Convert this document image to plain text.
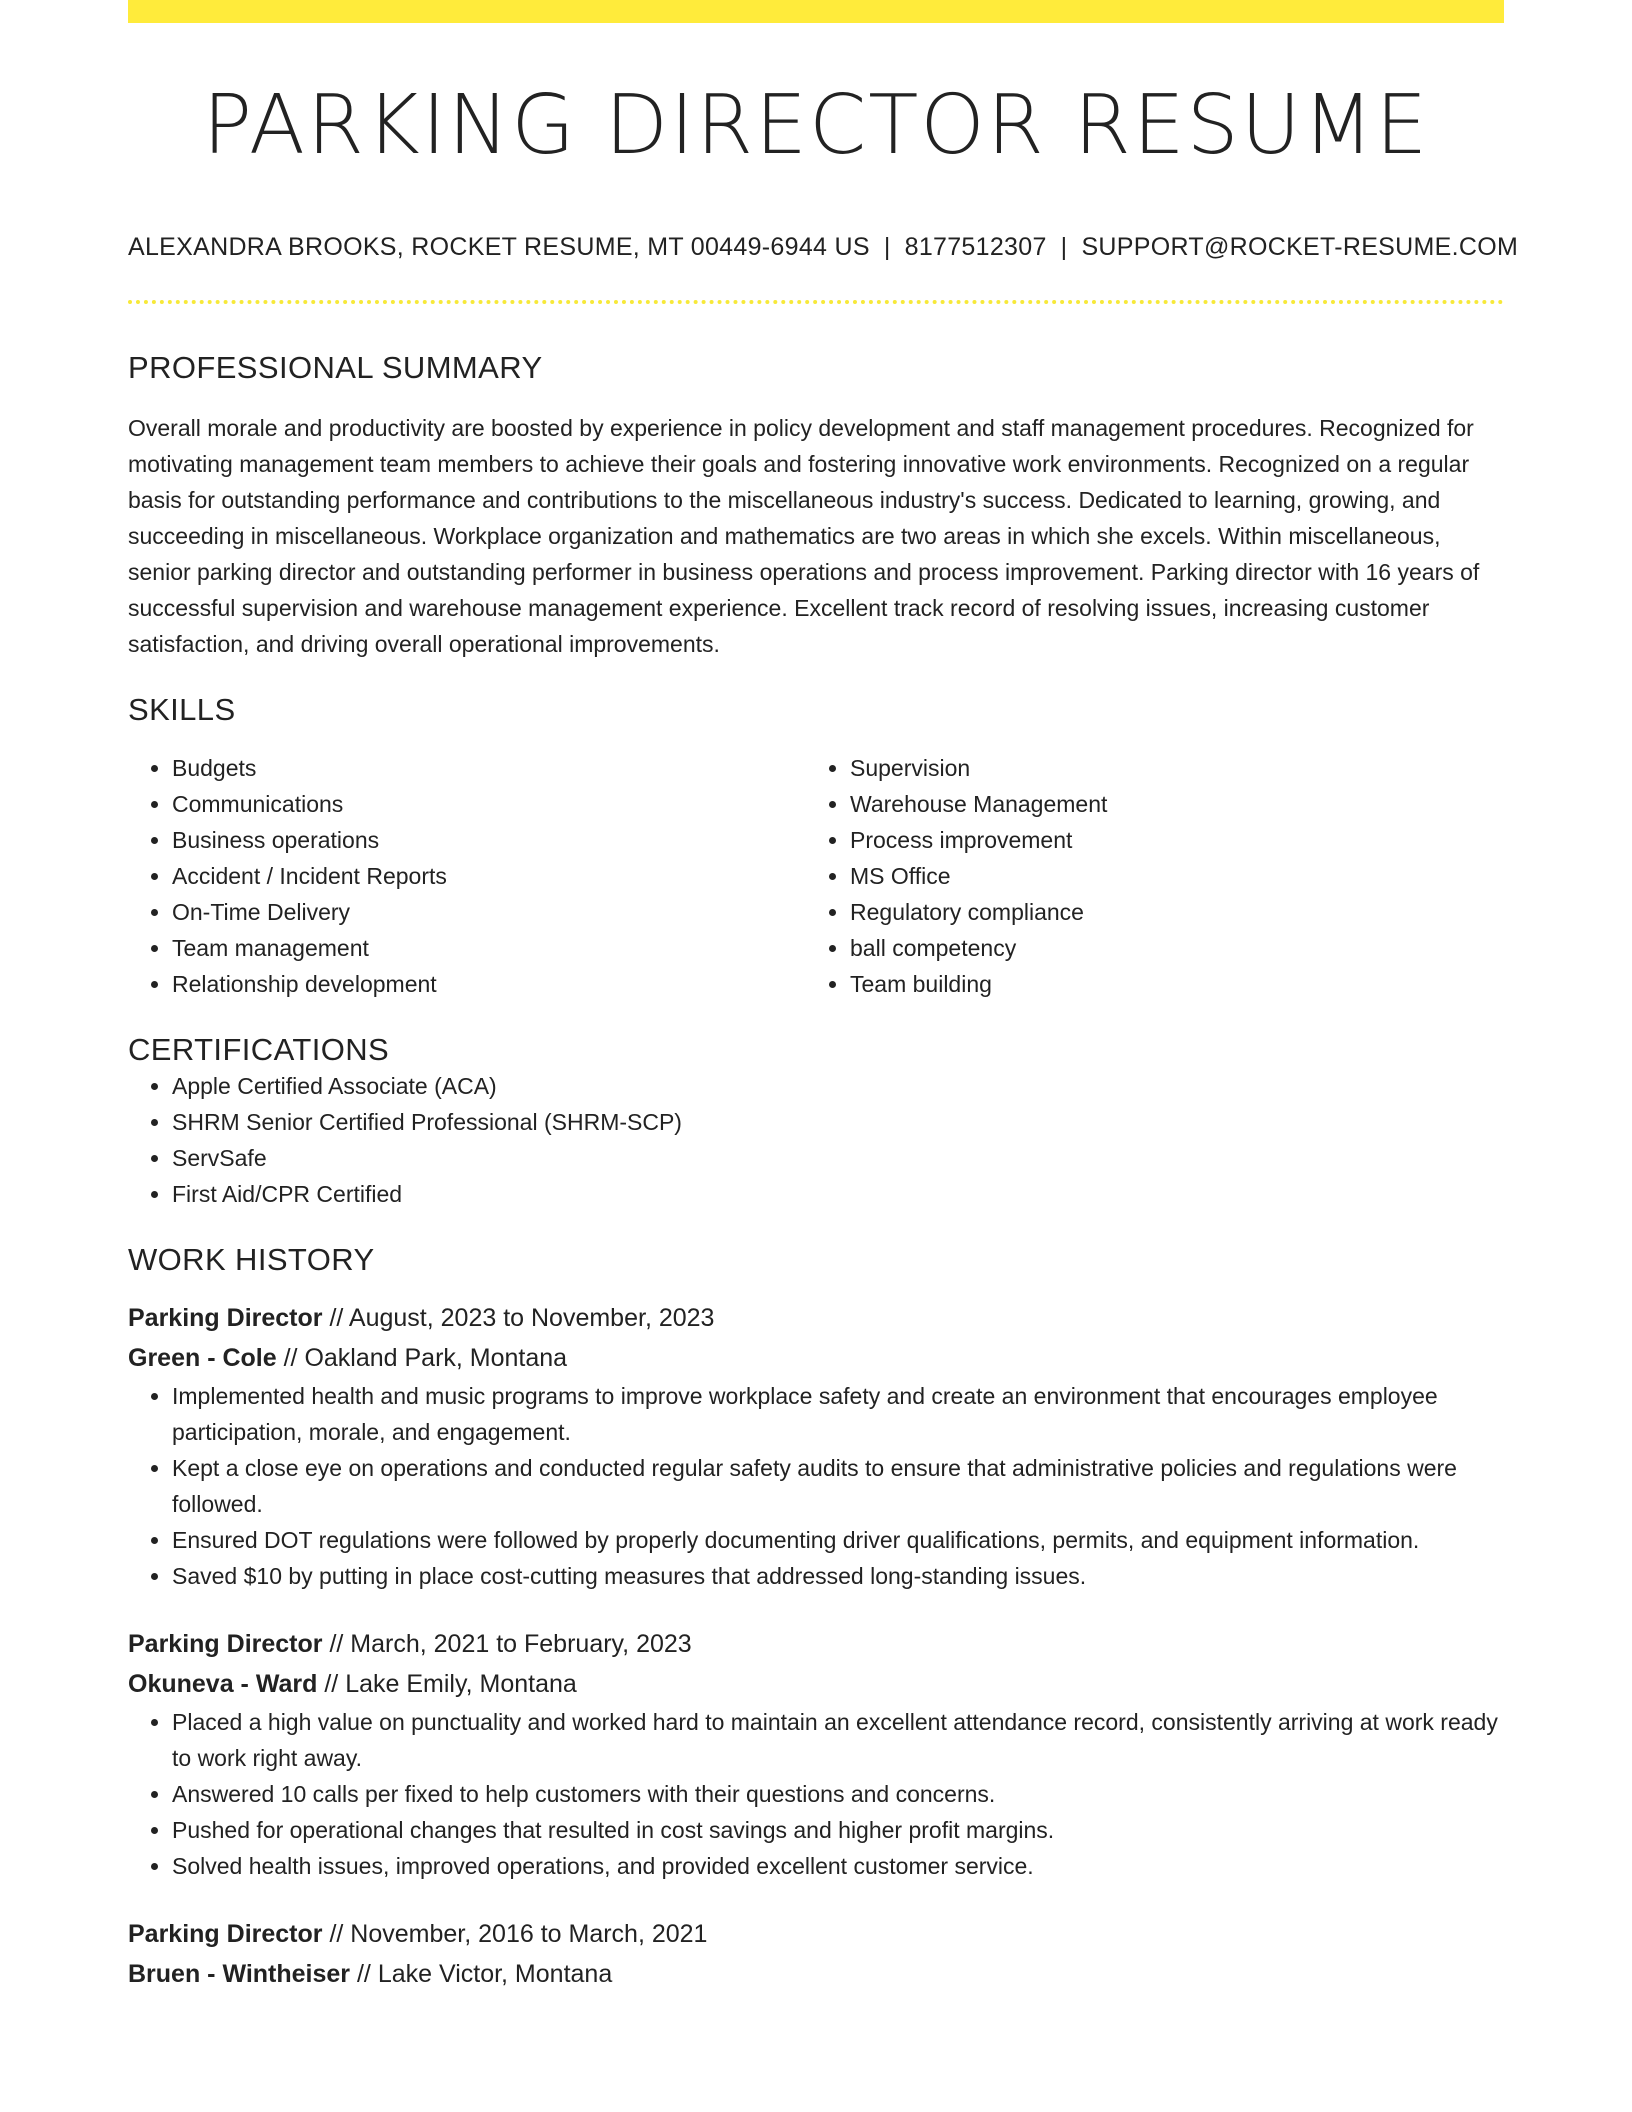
PARKING DIRECTOR RESUME
ALEXANDRA BROOKS, ROCKET RESUME, MT 00449-6944 US | 8177512307 | SUPPORT@ROCKET-RESUME.COM
PROFESSIONAL SUMMARY
Overall morale and productivity are boosted by experience in policy development and staff management procedures. Recognized for motivating management team members to achieve their goals and fostering innovative work environments. Recognized on a regular basis for outstanding performance and contributions to the miscellaneous industry's success. Dedicated to learning, growing, and succeeding in miscellaneous. Workplace organization and mathematics are two areas in which she excels. Within miscellaneous, senior parking director and outstanding performer in business operations and process improvement. Parking director with 16 years of successful supervision and warehouse management experience. Excellent track record of resolving issues, increasing customer satisfaction, and driving overall operational improvements.
SKILLS
• Budgets
• Communications
• Business operations
• Accident / Incident Reports
• On-Time Delivery
• Team management
• Relationship development
• Supervision
• Warehouse Management
• Process improvement
• MS Office
• Regulatory compliance
• ball competency
• Team building
CERTIFICATIONS
• Apple Certified Associate (ACA)
• SHRM Senior Certified Professional (SHRM-SCP)
• ServSafe
• First Aid/CPR Certified
WORK HISTORY
Parking Director // August, 2023 to November, 2023
Green - Cole // Oakland Park, Montana
• Implemented health and music programs to improve workplace safety and create an environment that encourages employee participation, morale, and engagement.
• Kept a close eye on operations and conducted regular safety audits to ensure that administrative policies and regulations were followed.
• Ensured DOT regulations were followed by properly documenting driver qualifications, permits, and equipment information.
• Saved $10 by putting in place cost-cutting measures that addressed long-standing issues.
Parking Director // March, 2021 to February, 2023
Okuneva - Ward // Lake Emily, Montana
• Placed a high value on punctuality and worked hard to maintain an excellent attendance record, consistently arriving at work ready to work right away.
• Answered 10 calls per fixed to help customers with their questions and concerns.
• Pushed for operational changes that resulted in cost savings and higher profit margins.
• Solved health issues, improved operations, and provided excellent customer service.
Parking Director // November, 2016 to March, 2021
Bruen - Wintheiser // Lake Victor, Montana
